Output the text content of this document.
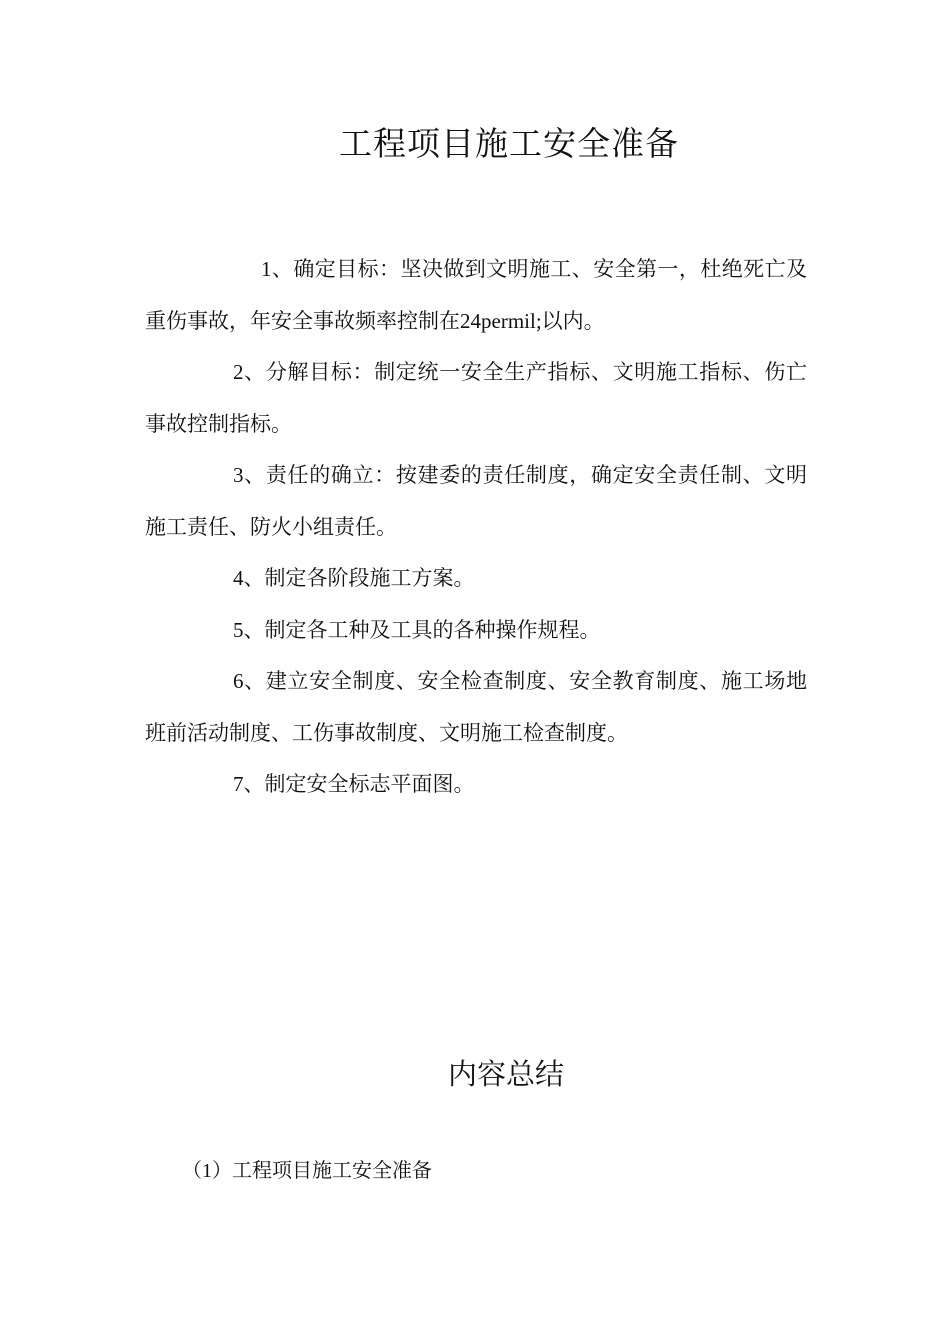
工程项目施工安全准备

1、确定目标：坚决做到文明施工、安全第一，杜绝死亡及重伤事故，年安全事故频率控制在24permil;以内。

2、分解目标：制定统一安全生产指标、文明施工指标、伤亡事故控制指标。

3、责任的确立：按建委的责任制度，确定安全责任制、文明施工责任、防火小组责任。

4、制定各阶段施工方案。

5、制定各工种及工具的各种操作规程。

6、建立安全制度、安全检查制度、安全教育制度、施工场地班前活动制度、工伤事故制度、文明施工检查制度。

7、制定安全标志平面图。

内容总结
（1）工程项目施工安全准备
